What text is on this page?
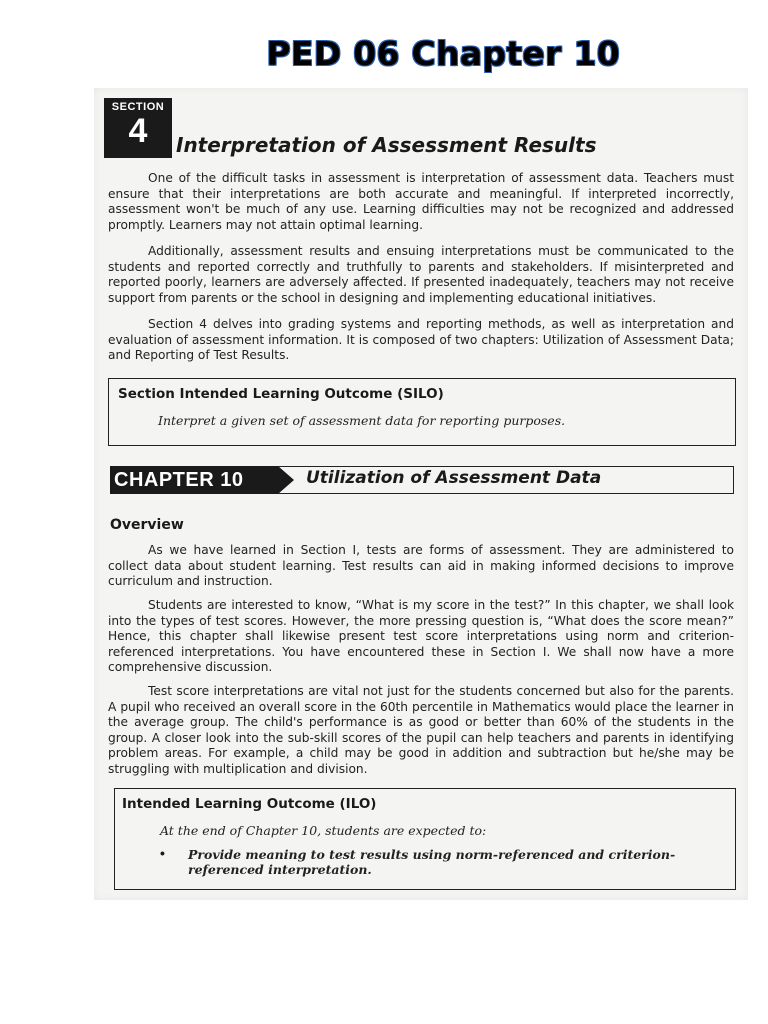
PED 06 Chapter 10
SECTION
4	Interpretation of Assessment Results
One of the difficult tasks in assessment is interpretation of assessment data. Teachers must ensure that their interpretations are both accurate and meaningful. If interpreted incorrectly, assessment won't be much of any use. Learning difficulties may not be recognized and addressed promptly. Learners may not attain optimal learning.
Additionally, assessment results and ensuing interpretations must be communicated to the students and reported correctly and truthfully to parents and stakeholders. If misinterpreted and reported poorly, learners are adversely affected. If presented inadequately, teachers may not receive support from parents or the school in designing and implementing educational initiatives.
Section 4 delves into grading systems and reporting methods, as well as interpretation and evaluation of assessment information. It is composed of two chapters: Utilization of Assessment Data; and Reporting of Test Results.
Section Intended Learning Outcome (SILO)
Interpret a given set of assessment data for reporting purposes.
CHAPTER 10	Utilization of Assessment Data
Overview
As we have learned in Section I, tests are forms of assessment. They are administered to collect data about student learning. Test results can aid in making informed decisions to improve curriculum and instruction.
Students are interested to know, “What is my score in the test?” In this chapter, we shall look into the types of test scores. However, the more pressing question is, “What does the score mean?” Hence, this chapter shall likewise present test score interpretations using norm and criterion-referenced interpretations. You have encountered these in Section I. We shall now have a more comprehensive discussion.
Test score interpretations are vital not just for the students concerned but also for the parents. A pupil who received an overall score in the 60th percentile in Mathematics would place the learner in the average group. The child's performance is as good or better than 60% of the students in the group. A closer look into the sub-skill scores of the pupil can help teachers and parents in identifying problem areas. For example, a child may be good in addition and subtraction but he/she may be struggling with multiplication and division.
Intended Learning Outcome (ILO)
At the end of Chapter 10, students are expected to:
• Provide meaning to test results using norm-referenced and criterion-referenced interpretation.
